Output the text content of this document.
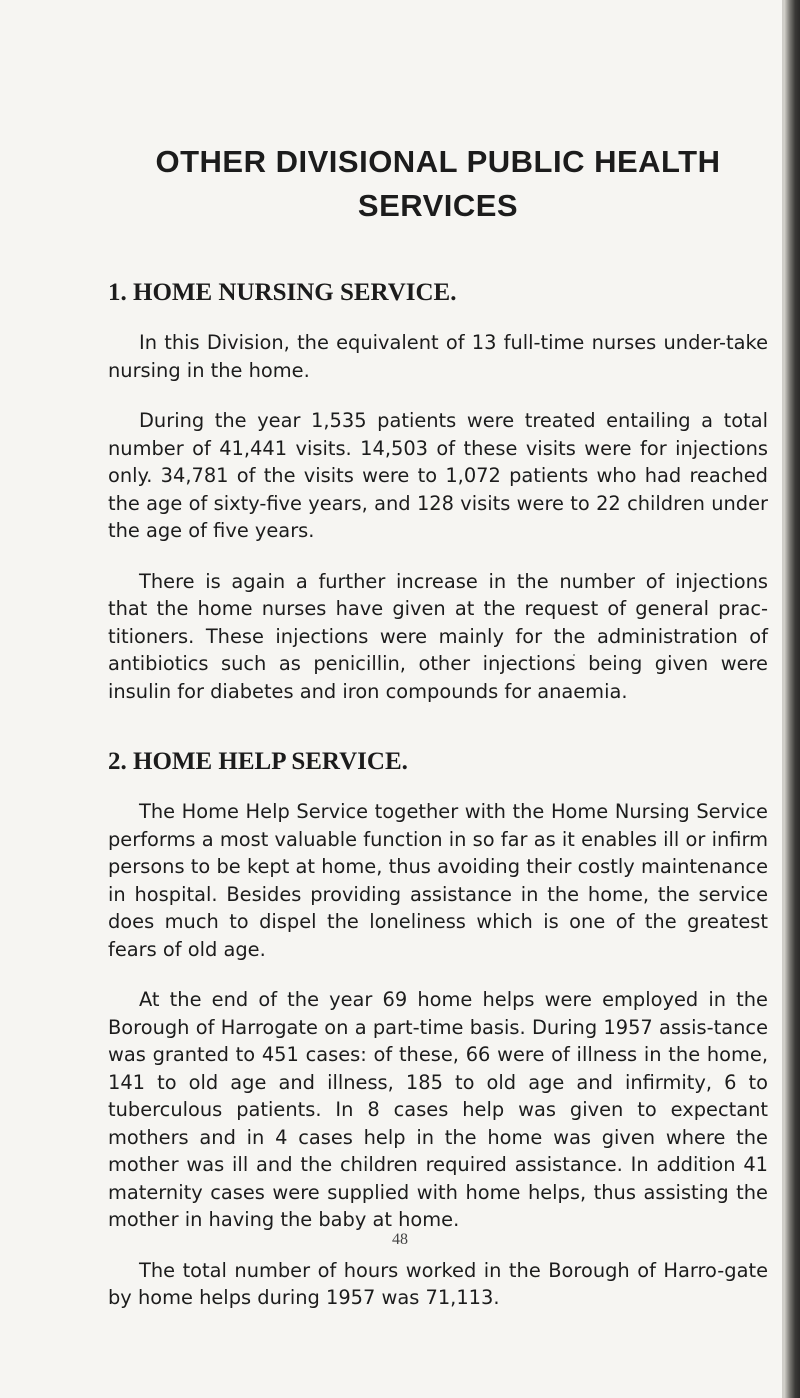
OTHER DIVISIONAL PUBLIC HEALTH SERVICES
1. HOME NURSING SERVICE.

In this Division, the equivalent of 13 full-time nurses under-take nursing in the home.

During the year 1,535 patients were treated entailing a total number of 41,441 visits. 14,503 of these visits were for injections only. 34,781 of the visits were to 1,072 patients who had reached the age of sixty-five years, and 128 visits were to 22 children under the age of five years.

There is again a further increase in the number of injections that the home nurses have given at the request of general prac-titioners. These injections were mainly for the administration of antibiotics such as penicillin, other injections being given were insulin for diabetes and iron compounds for anaemia.

2. HOME HELP SERVICE.

The Home Help Service together with the Home Nursing Service performs a most valuable function in so far as it enables ill or infirm persons to be kept at home, thus avoiding their costly maintenance in hospital. Besides providing assistance in the home, the service does much to dispel the loneliness which is one of the greatest fears of old age.

At the end of the year 69 home helps were employed in the Borough of Harrogate on a part-time basis. During 1957 assis-tance was granted to 451 cases: of these, 66 were of illness in the home, 141 to old age and illness, 185 to old age and infirmity, 6 to tuberculous patients. In 8 cases help was given to expectant mothers and in 4 cases help in the home was given where the mother was ill and the children required assistance. In addition 41 maternity cases were supplied with home helps, thus assisting the mother in having the baby at home.

The total number of hours worked in the Borough of Harro-gate by home helps during 1957 was 71,113.

48
